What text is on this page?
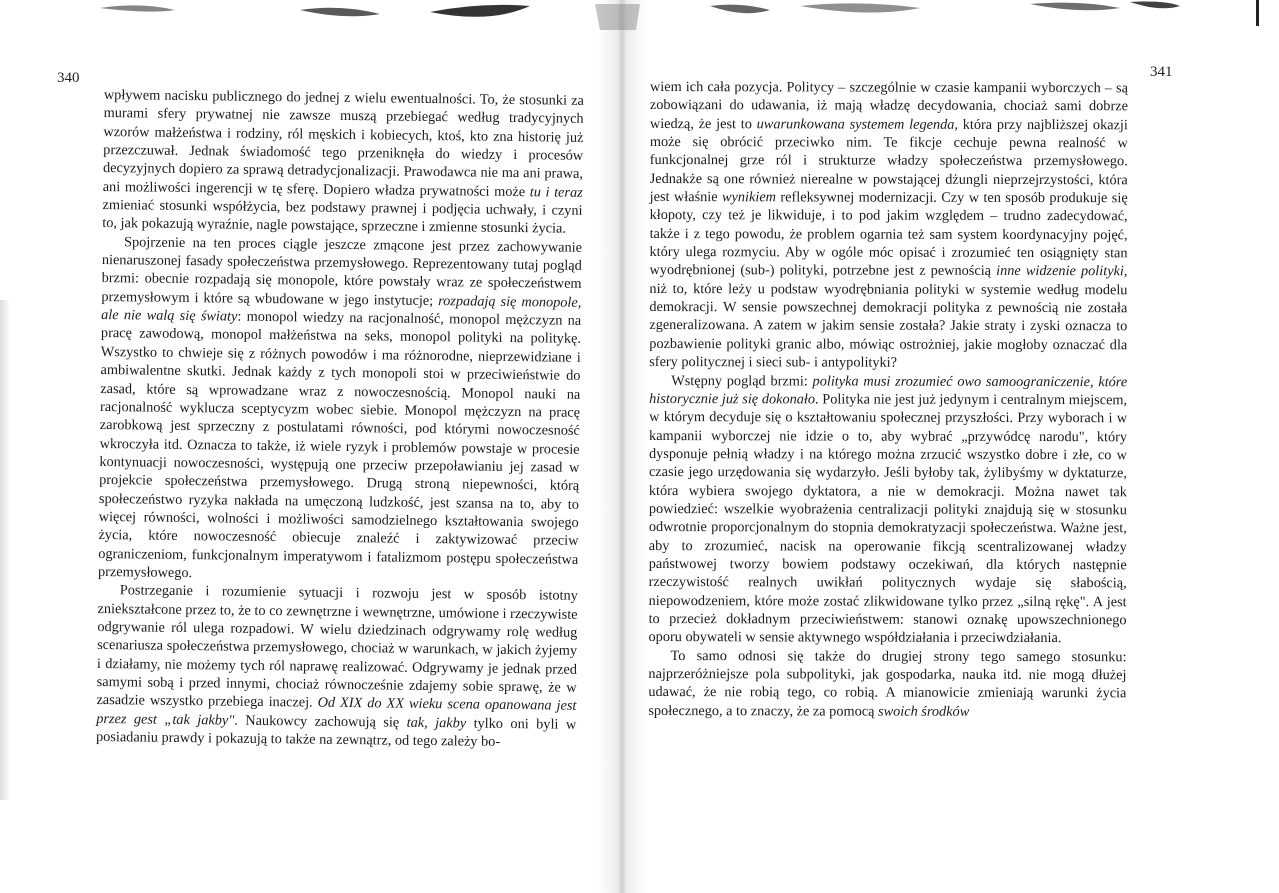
340	341

wpływem nacisku publicznego do jednej z wielu ewentualności. To, że stosunki za murami sfery prywatnej nie zawsze muszą przebiegać według tradycyjnych wzorów małżeństwa i rodziny, ról męskich i kobiecych, ktoś, kto zna historię już przezczuwał. Jednak świadomość tego przeniknęła do wiedzy i procesów decyzyjnych dopiero za sprawą detradycjonalizacji. Prawodawca nie ma ani prawa, ani możliwości ingerencji w tę sferę. Dopiero władza prywatności może tu i teraz zmieniać stosunki współżycia, bez podstawy prawnej i podjęcia uchwały, i czyni to, jak pokazują wyraźnie, nagle powstające, sprzeczne i zmienne stosunki życia.

Spojrzenie na ten proces ciągle jeszcze zmącone jest przez zachowywanie nienaruszonej fasady społeczeństwa przemysłowego. Reprezentowany tutaj pogląd brzmi: obecnie rozpadają się monopole, które powstały wraz ze społeczeństwem przemysłowym i które są wbudowane w jego instytucje; rozpadają się monopole, ale nie walą się światy: monopol wiedzy na racjonalność, monopol mężczyzn na pracę zawodową, monopol małżeństwa na seks, monopol polityki na politykę. Wszystko to chwieje się z różnych powodów i ma różnorodne, nieprzewidziane i ambiwalentne skutki. Jednak każdy z tych monopoli stoi w przeciwieństwie do zasad, które są wprowadzane wraz z nowoczesnością. Monopol nauki na racjonalność wyklucza sceptycyzm wobec siebie. Monopol mężczyzn na pracę zarobkową jest sprzeczny z postulatami równości, pod którymi nowoczesność wkroczyła itd. Oznacza to także, iż wiele ryzyk i problemów powstaje w procesie kontynuacji nowoczesności, występują one przeciw przepoławianiu jej zasad w projekcie społeczeństwa przemysłowego. Drugą stroną niepewności, którą społeczeństwo ryzyka nakłada na umęczoną ludzkość, jest szansa na to, aby to więcej równości, wolności i możliwości samodzielnego kształtowania swojego życia, które nowoczesność obiecuje znaleźć i zaktywizować przeciw ograniczeniom, funkcjonalnym imperatywom i fatalizmom postępu społeczeństwa przemysłowego.

Postrzeganie i rozumienie sytuacji i rozwoju jest w sposób istotny zniekształcone przez to, że to co zewnętrzne i wewnętrzne, umówione i rzeczywiste odgrywanie ról ulega rozpadowi. W wielu dziedzinach odgrywamy rolę według scenariusza społeczeństwa przemysłowego, chociaż w warunkach, w jakich żyjemy i działamy, nie możemy tych ról naprawę realizować. Odgrywamy je jednak przed samymi sobą i przed innymi, chociaż równocześnie zdajemy sobie sprawę, że w zasadzie wszystko przebiega inaczej. Od XIX do XX wieku scena opanowana jest przez gest „tak jakby". Naukowcy zachowują się tak, jakby tylko oni byli w posiadaniu prawdy i pokazują to także na zewnątrz, od tego zależy bo-

wiem ich cała pozycja. Politycy – szczególnie w czasie kampanii wyborczych – są zobowiązani do udawania, iż mają władzę decydowania, chociaż sami dobrze wiedzą, że jest to uwarunkowana systemem legenda, która przy najbliższej okazji może się obrócić przeciwko nim. Te fikcje cechuje pewna realność w funkcjonalnej grze ról i strukturze władzy społeczeństwa przemysłowego. Jednakże są one również nierealne w powstającej dżungli nieprzejrzystości, która jest właśnie wynikiem refleksywnej modernizacji. Czy w ten sposób produkuje się kłopoty, czy też je likwiduje, i to pod jakim względem – trudno zadecydować, także i z tego powodu, że problem ogarnia też sam system koordynacyjny pojęć, który ulega rozmyciu. Aby w ogóle móc opisać i zrozumieć ten osiągnięty stan wyodrębnionej (sub-) polityki, potrzebne jest z pewnością inne widzenie polityki, niż to, które leży u podstaw wyodrębniania polityki w systemie według modelu demokracji. W sensie powszechnej demokracji polityka z pewnością nie została zgeneralizowana. A zatem w jakim sensie została? Jakie straty i zyski oznacza to pozbawienie polityki granic albo, mówiąc ostrożniej, jakie mogłoby oznaczać dla sfery politycznej i sieci sub- i antypolityki?

Wstępny pogląd brzmi: polityka musi zrozumieć owo samoograniczenie, które historycznie już się dokonało. Polityka nie jest już jedynym i centralnym miejscem, w którym decyduje się o kształtowaniu społecznej przyszłości. Przy wyborach i w kampanii wyborczej nie idzie o to, aby wybrać „przywódcę narodu", który dysponuje pełnią władzy i na którego można zrzucić wszystko dobre i złe, co w czasie jego urzędowania się wydarzyło. Jeśli byłoby tak, żylibyśmy w dyktaturze, która wybiera swojego dyktatora, a nie w demokracji. Można nawet tak powiedzieć: wszelkie wyobrażenia centralizacji polityki znajdują się w stosunku odwrotnie proporcjonalnym do stopnia demokratyzacji społeczeństwa. Ważne jest, aby to zrozumieć, nacisk na operowanie fikcją scentralizowanej władzy państwowej tworzy bowiem podstawy oczekiwań, dla których następnie rzeczywistość realnych uwikłań politycznych wydaje się słabością, niepowodzeniem, które może zostać zlikwidowane tylko przez „silną rękę". A jest to przecież dokładnym przeciwieństwem: stanowi oznakę upowszechnionego oporu obywateli w sensie aktywnego współdziałania i przeciwdziałania.

To samo odnosi się także do drugiej strony tego samego stosunku: najprzeróżniejsze pola subpolityki, jak gospodarka, nauka itd. nie mogą dłużej udawać, że nie robią tego, co robią. A mianowicie zmieniają warunki życia społecznego, a to znaczy, że za pomocą swoich środków
